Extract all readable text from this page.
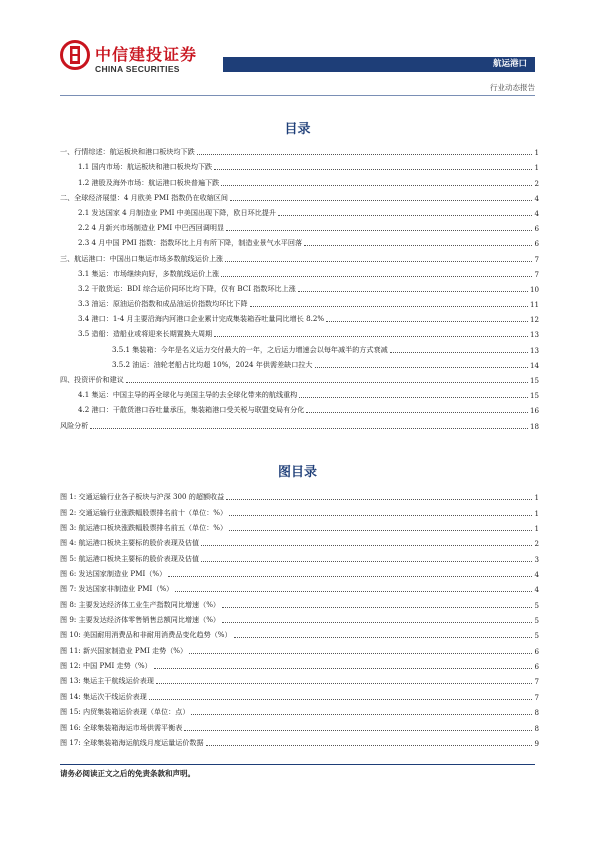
中信建投证券
CHINA SECURITIES	航运港口
行业动态报告
目录
一、行情综述：航运板块和港口板块均下跌	1
1.1 国内市场：航运板块和港口板块均下跌	1
1.2 港股及海外市场：航运港口板块普遍下跌	2
二、全球经济展望：4 月欧美 PMI 指数仍在收缩区间	4
2.1 发达国家 4 月制造业 PMI 中美国出现下降，欧日环比提升	4
2.2 4 月新兴市场制造业 PMI 中巴西回调明显	6
2.3 4 月中国 PMI 指数：指数环比上月有所下降，制造业景气水平回落	6
三、航运港口：中国出口集运市场多数航线运价上涨	7
3.1 集运：市场继续向好，多数航线运价上涨	7
3.2 干散货运：BDI 综合运价同环比均下降，仅有 BCI 指数环比上涨	10
3.3 油运：原油运价指数和成品油运价指数均环比下降	11
3.4 港口：1-4 月主要沿海内河港口企业累计完成集装箱吞吐量同比增长 8.2%	12
3.5 造船：造船业或将迎来长期置换大周期	13
3.5.1 集装箱：今年是名义运力交付最大的一年，之后运力增速会以每年减半的方式衰减	13
3.5.2 油运：油轮老船占比均超 10%，2024 年供需差缺口拉大	14
四、投资评价和建议	15
4.1 集运：中国主导的再全球化与美国主导的去全球化带来的航线重构	15
4.2 港口：干散货港口吞吐量承压，集装箱港口受关税与联盟变局有分化	16
风险分析	18
图目录
图 1: 交通运输行业各子板块与沪深 300 的超额收益	1
图 2: 交通运输行业涨跌幅股票排名前十（单位：%）	1
图 3: 航运港口板块涨跌幅股票排名前五（单位：%）	1
图 4: 航运港口板块主要标的股价表现及估值	2
图 5: 航运港口板块主要标的股价表现及估值	3
图 6: 发达国家制造业 PMI（%）	4
图 7: 发达国家非制造业 PMI（%）	4
图 8: 主要发达经济体工业生产指数同比增速（%）	5
图 9: 主要发达经济体零售销售总额同比增速（%）	5
图 10: 美国耐用消费品和非耐用消费品变化趋势（%）	5
图 11: 新兴国家制造业 PMI 走势（%）	6
图 12: 中国 PMI 走势（%）	6
图 13: 集运主干航线运价表现	7
图 14: 集运次干线运价表现	7
图 15: 内贸集装箱运价表现（单位：点）	8
图 16: 全球集装箱海运市场供需平衡表	8
图 17: 全球集装箱海运航线月度运量运价数据	9
请务必阅读正文之后的免责条款和声明。
